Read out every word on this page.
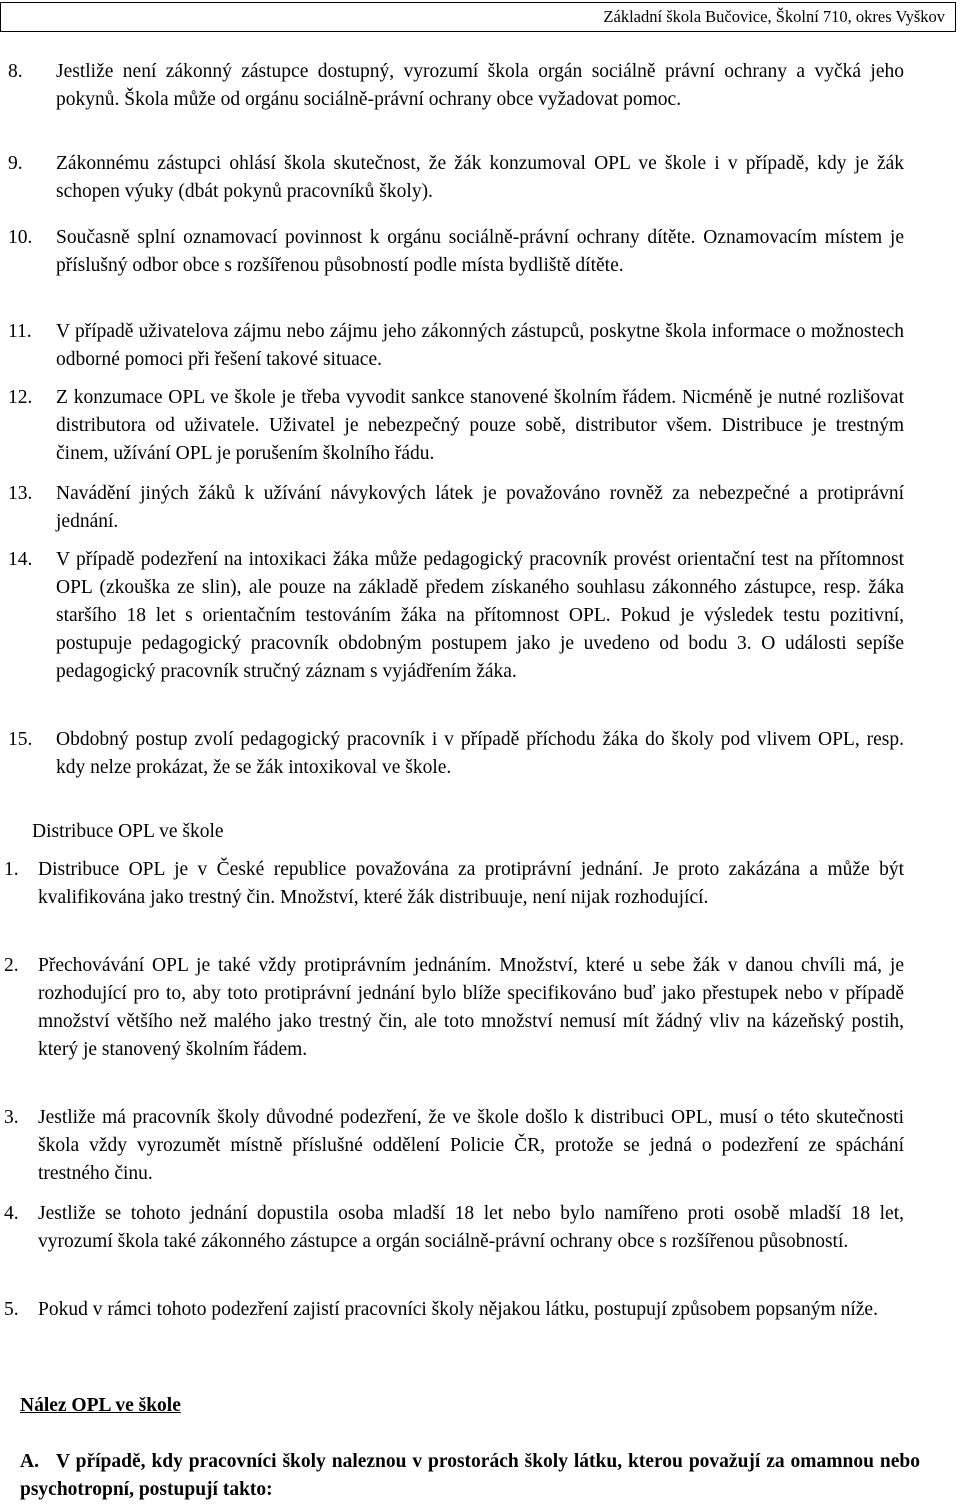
Základní škola Bučovice, Školní 710, okres Vyškov
8. Jestliže není zákonný zástupce dostupný, vyrozumí škola orgán sociálně právní ochrany a vyčká jeho pokynů. Škola může od orgánu sociálně-právní ochrany obce vyžadovat pomoc.
9. Zákonnému zástupci ohlásí škola skutečnost, že žák konzumoval OPL ve škole i v případě, kdy je žák schopen výuky (dbát pokynů pracovníků školy).
10. Současně splní oznamovací povinnost k orgánu sociálně-právní ochrany dítěte. Oznamovacím místem je příslušný odbor obce s rozšířenou působností podle místa bydliště dítěte.
11. V případě uživatelova zájmu nebo zájmu jeho zákonných zástupců, poskytne škola informace o možnostech odborné pomoci při řešení takové situace.
12. Z konzumace OPL ve škole je třeba vyvodit sankce stanovené školním řádem. Nicméně je nutné rozlišovat distributora od uživatele. Uživatel je nebezpečný pouze sobě, distributor všem. Distribuce je trestným činem, užívání OPL je porušením školního řádu.
13. Navádění jiných žáků k užívání návykových látek je považováno rovněž za nebezpečné a protiprávní jednání.
14. V případě podezření na intoxikaci žáka může pedagogický pracovník provést orientační test na přítomnost OPL (zkouška ze slin), ale pouze na základě předem získaného souhlasu zákonného zástupce, resp. žáka staršího 18 let s orientačním testováním žáka na přítomnost OPL. Pokud je výsledek testu pozitivní, postupuje pedagogický pracovník obdobným postupem jako je uvedeno od bodu 3. O události sepíše pedagogický pracovník stručný záznam s vyjádřením žáka.
15. Obdobný postup zvolí pedagogický pracovník i v případě příchodu žáka do školy pod vlivem OPL, resp. kdy nelze prokázat, že se žák intoxikoval ve škole.
Distribuce OPL ve škole
1. Distribuce OPL je v České republice považována za protiprávní jednání. Je proto zakázána a může být kvalifikována jako trestný čin. Množství, které žák distribuuje, není nijak rozhodující.
2. Přechovávání OPL je také vždy protiprávním jednáním. Množství, které u sebe žák v danou chvíli má, je rozhodující pro to, aby toto protiprávní jednání bylo blíže specifikováno buď jako přestupek nebo v případě množství většího než malého jako trestný čin, ale toto množství nemusí mít žádný vliv na kázeňský postih, který je stanovený školním řádem.
3. Jestliže má pracovník školy důvodné podezření, že ve škole došlo k distribuci OPL, musí o této skutečnosti škola vždy vyrozumět místně příslušné oddělení Policie ČR, protože se jedná o podezření ze spáchání trestného činu.
4. Jestliže se tohoto jednání dopustila osoba mladší 18 let nebo bylo namířeno proti osobě mladší 18 let, vyrozumí škola také zákonného zástupce a orgán sociálně-právní ochrany obce s rozšířenou působností.
5. Pokud v rámci tohoto podezření zajistí pracovníci školy nějakou látku, postupují způsobem popsaným níže.
Nález OPL ve škole
A. V případě, kdy pracovníci školy naleznou v prostorách školy látku, kterou považují za omamnou nebo psychotropní, postupují takto:
